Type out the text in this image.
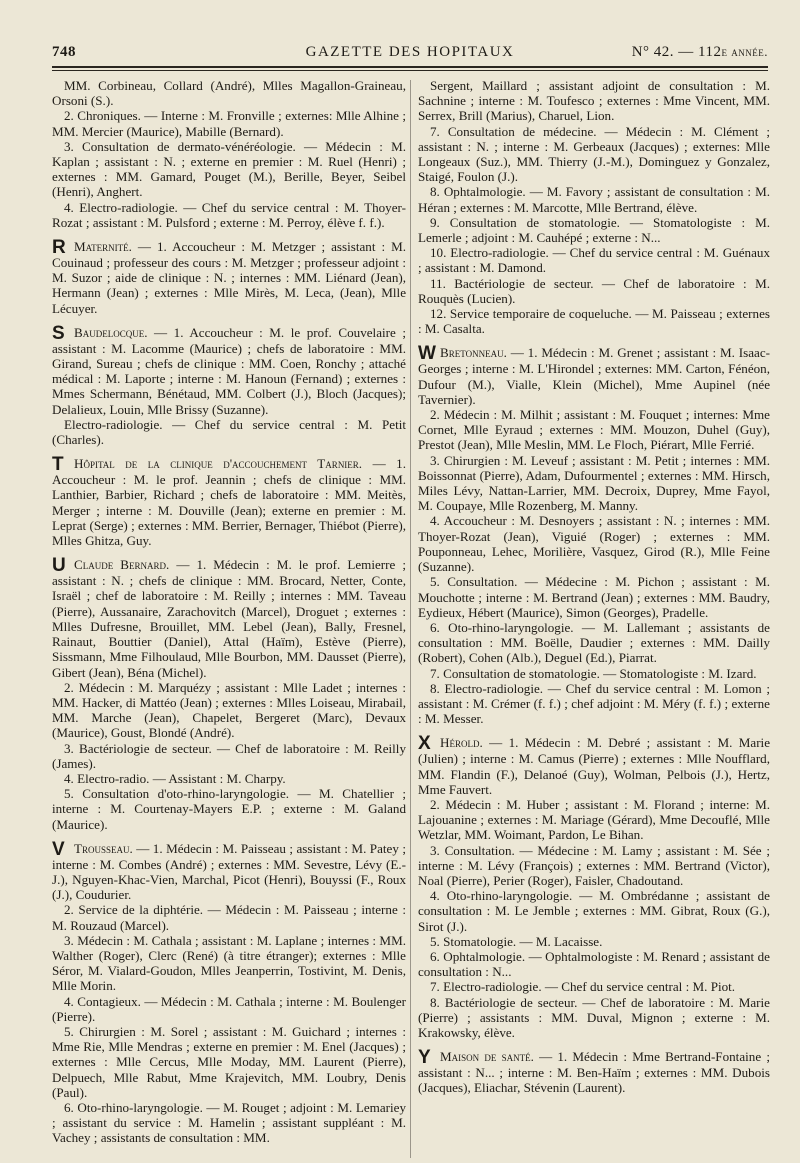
748	GAZETTE DES HOPITAUX	N° 42. — 112e année.

MM. Corbineau, Collard (André), Mlles Magallon-Graineau, Orsoni (S.).

2. Chroniques. — Interne : M. Fronville ; externes: Mlle Alhine ; MM. Mercier (Maurice), Mabille (Bernard).

3. Consultation de dermato-vénéréologie. — Médecin : M. Kaplan ; assistant : N. ; externe en premier : M. Ruel (Henri) ; externes : MM. Gamard, Pouget (M.), Berille, Beyer, Seibel (Henri), Anghert.

4. Electro-radiologie. — Chef du service central : M. Thoyer-Rozat ; assistant : M. Pulsford ; externe : M. Perroy, élève f. f.).

R Maternité. — 1. Accoucheur : M. Metzger ; assistant : M. Couinaud ; professeur des cours : M. Metzger ; professeur adjoint : M. Suzor ; aide de clinique : N. ; internes : MM. Liénard (Jean), Hermann (Jean) ; externes : Mlle Mirès, M. Leca, (Jean), Mlle Lécuyer.

S Baudelocque. — 1. Accoucheur : M. le prof. Couvelaire ; assistant : M. Lacomme (Maurice) ; chefs de laboratoire : MM. Girand, Sureau ; chefs de clinique : MM. Coen, Ronchy ; attaché médical : M. Laporte ; interne : M. Hanoun (Fernand) ; externes : Mmes Schermann, Bénétaud, MM. Colbert (J.), Bloch (Jacques); Delalieux, Louin, Mlle Brissy (Suzanne).

Electro-radiologie. — Chef du service central : M. Petit (Charles).

T Hôpital de la clinique d'accouchement Tarnier. — 1. Accoucheur : M. le prof. Jeannin ; chefs de clinique : MM. Lanthier, Barbier, Richard ; chefs de laboratoire : MM. Meitès, Merger ; interne : M. Douville (Jean); externe en premier : M. Leprat (Serge) ; externes : MM. Berrier, Bernager, Thiébot (Pierre), Mlles Ghitza, Guy.

U Claude Bernard. — 1. Médecin : M. le prof. Lemierre ; assistant : N. ; chefs de clinique : MM. Brocard, Netter, Conte, Israël ; chef de laboratoire : M. Reilly ; internes : MM. Taveau (Pierre), Aussanaire, Zarachovitch (Marcel), Droguet ; externes : Mlles Dufresne, Brouillet, MM. Lebel (Jean), Bally, Fresnel, Rainaut, Bouttier (Daniel), Attal (Haïm), Estève (Pierre), Sissmann, Mme Filhoulaud, Mlle Bourbon, MM. Dausset (Pierre), Gibert (Jean), Béna (Michel).

2. Médecin : M. Marquézy ; assistant : Mlle Ladet ; internes : MM. Hacker, di Mattéo (Jean) ; externes : Mlles Loiseau, Mirabail, MM. Marche (Jean), Chapelet, Bergeret (Marc), Devaux (Maurice), Goust, Blondé (André).

3. Bactériologie de secteur. — Chef de laboratoire : M. Reilly (James).

4. Electro-radio. — Assistant : M. Charpy.

5. Consultation d'oto-rhino-laryngologie. — M. Chatellier ; interne : M. Courtenay-Mayers E.P. ; externe : M. Galand (Maurice).

V Trousseau. — 1. Médecin : M. Paisseau ; assistant : M. Patey ; interne : M. Combes (André) ; externes : MM. Sevestre, Lévy (E.-J.), Nguyen-Khac-Vien, Marchal, Picot (Henri), Bouyssi (F., Roux (J.), Coudurier.

2. Service de la diphtérie. — Médecin : M. Paisseau ; interne : M. Rouzaud (Marcel).

3. Médecin : M. Cathala ; assistant : M. Laplane ; internes : MM. Walther (Roger), Clerc (René) (à titre étranger); externes : Mlle Séror, M. Vialard-Goudon, Mlles Jeanperrin, Tostivint, M. Denis, Mlle Morin.

4. Contagieux. — Médecin : M. Cathala ; interne : M. Boulenger (Pierre).

5. Chirurgien : M. Sorel ; assistant : M. Guichard ; internes : Mme Rie, Mlle Mendras ; externe en premier : M. Enel (Jacques) ; externes : Mlle Cercus, Mlle Moday, MM. Laurent (Pierre), Delpuech, Mlle Rabut, Mme Krajevitch, MM. Loubry, Denis (Paul).

6. Oto-rhino-laryngologie. — M. Rouget ; adjoint : M. Lemariey ; assistant du service : M. Hamelin ; assistant suppléant : M. Vachey ; assistants de consultation : MM.

Sergent, Maillard ; assistant adjoint de consultation : M. Sachnine ; interne : M. Toufesco ; externes : Mme Vincent, MM. Serrex, Brill (Marius), Charuel, Lion.

7. Consultation de médecine. — Médecin : M. Clément ; assistant : N. ; interne : M. Gerbeaux (Jacques) ; externes: Mlle Longeaux (Suz.), MM. Thierry (J.-M.), Dominguez y Gonzalez, Staigé, Foulon (J.).

8. Ophtalmologie. — M. Favory ; assistant de consultation : M. Héran ; externes : M. Marcotte, Mlle Bertrand, élève.

9. Consultation de stomatologie. — Stomatologiste : M. Lemerle ; adjoint : M. Cauhépé ; externe : N...

10. Electro-radiologie. — Chef du service central : M. Guénaux ; assistant : M. Damond.

11. Bactériologie de secteur. — Chef de laboratoire : M. Rouquès (Lucien).

12. Service temporaire de coqueluche. — M. Paisseau ; externes : M. Casalta.

W Bretonneau. — 1. Médecin : M. Grenet ; assistant : M. Isaac-Georges ; interne : M. L'Hirondel ; externes: MM. Carton, Fénéon, Dufour (M.), Vialle, Klein (Michel), Mme Aupinel (née Tavernier).

2. Médecin : M. Milhit ; assistant : M. Fouquet ; internes: Mme Cornet, Mlle Eyraud ; externes : MM. Mouzon, Duhel (Guy), Prestot (Jean), Mlle Meslin, MM. Le Floch, Piérart, Mlle Ferrié.

3. Chirurgien : M. Leveuf ; assistant : M. Petit ; internes : MM. Boissonnat (Pierre), Adam, Dufourmentel ; externes : MM. Hirsch, Miles Lévy, Nattan-Larrier, MM. Decroix, Duprey, Mme Fayol, M. Coupaye, Mlle Rozenberg, M. Manny.

4. Accoucheur : M. Desnoyers ; assistant : N. ; internes : MM. Thoyer-Rozat (Jean), Viguié (Roger) ; externes : MM. Pouponneau, Lehec, Morilière, Vasquez, Girod (R.), Mlle Feine (Suzanne).

5. Consultation. — Médecine : M. Pichon ; assistant : M. Mouchotte ; interne : M. Bertrand (Jean) ; externes : MM. Baudry, Eydieux, Hébert (Maurice), Simon (Georges), Pradelle.

6. Oto-rhino-laryngologie. — M. Lallemant ; assistants de consultation : MM. Boëlle, Daudier ; externes : MM. Dailly (Robert), Cohen (Alb.), Deguel (Ed.), Piarrat.

7. Consultation de stomatologie. — Stomatologiste : M. Izard.

8. Electro-radiologie. — Chef du service central : M. Lomon ; assistant : M. Crémer (f. f.) ; chef adjoint : M. Méry (f. f.) ; externe : M. Messer.

X Hérold. — 1. Médecin : M. Debré ; assistant : M. Marie (Julien) ; interne : M. Camus (Pierre) ; externes : Mlle Noufflard, MM. Flandin (F.), Delanoé (Guy), Wolman, Pelbois (J.), Hertz, Mme Fauvert.

2. Médecin : M. Huber ; assistant : M. Florand ; interne: M. Lajouanine ; externes : M. Mariage (Gérard), Mme Decouflé, Mlle Wetzlar, MM. Woimant, Pardon, Le Bihan.

3. Consultation. — Médecine : M. Lamy ; assistant : M. Sée ; interne : M. Lévy (François) ; externes : MM. Bertrand (Victor), Noal (Pierre), Perier (Roger), Faisler, Chadoutand.

4. Oto-rhino-laryngologie. — M. Ombrédanne ; assistant de consultation : M. Le Jemble ; externes : MM. Gibrat, Roux (G.), Sirot (J.).

5. Stomatologie. — M. Lacaisse.

6. Ophtalmologie. — Ophtalmologiste : M. Renard ; assistant de consultation : N...

7. Electro-radiologie. — Chef du service central : M. Piot.

8. Bactériologie de secteur. — Chef de laboratoire : M. Marie (Pierre) ; assistants : MM. Duval, Mignon ; externe : M. Krakowsky, élève.

Y Maison de santé. — 1. Médecin : Mme Bertrand-Fontaine ; assistant : N... ; interne : M. Ben-Haïm ; externes : MM. Dubois (Jacques), Eliachar, Stévenin (Laurent).
